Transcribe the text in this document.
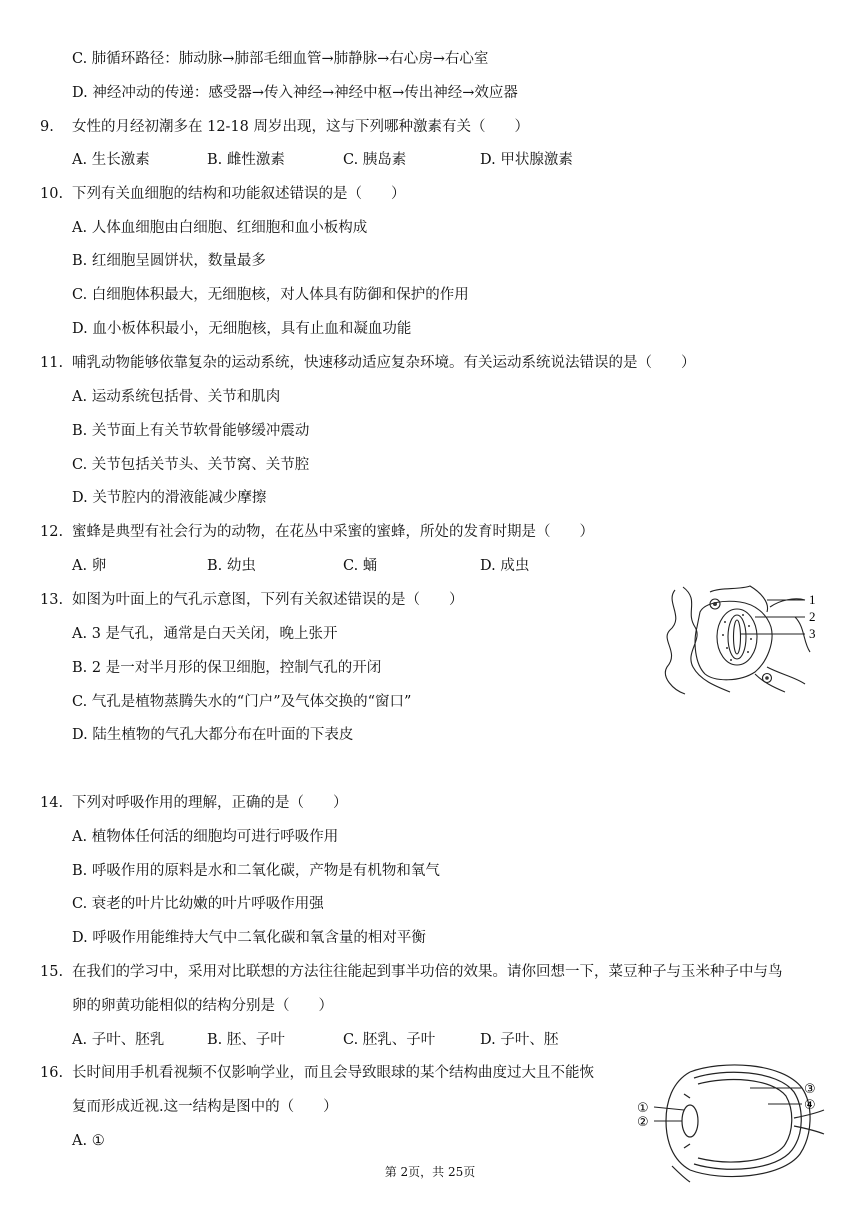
C. 肺循环路径：肺动脉→肺部毛细血管→肺静脉→右心房→右心室
D. 神经冲动的传递：感受器→传入神经→神经中枢→传出神经→效应器
9. 女性的月经初潮多在 12-18 周岁出现，这与下列哪种激素有关（　　）
A. 生长激素	B. 雌性激素	C. 胰岛素	D. 甲状腺激素
10. 下列有关血细胞的结构和功能叙述错误的是（　　）
A. 人体血细胞由白细胞、红细胞和血小板构成
B. 红细胞呈圆饼状，数量最多
C. 白细胞体积最大，无细胞核，对人体具有防御和保护的作用
D. 血小板体积最小，无细胞核，具有止血和凝血功能
11. 哺乳动物能够依靠复杂的运动系统，快速移动适应复杂环境。有关运动系统说法错误的是（　　）
A. 运动系统包括骨、关节和肌肉
B. 关节面上有关节软骨能够缓冲震动
C. 关节包括关节头、关节窝、关节腔
D. 关节腔内的滑液能减少摩擦
12. 蜜蜂是典型有社会行为的动物，在花丛中采蜜的蜜蜂，所处的发育时期是（　　）
A. 卵	B. 幼虫	C. 蛹	D. 成虫
13. 如图为叶面上的气孔示意图，下列有关叙述错误的是（　　）
A. 3 是气孔，通常是白天关闭，晚上张开
B. 2 是一对半月形的保卫细胞，控制气孔的开闭
C. 气孔是植物蒸腾失水的“门户”及气体交换的“窗口”
D. 陆生植物的气孔大都分布在叶面的下表皮
1
2
3
14. 下列对呼吸作用的理解，正确的是（　　）
A. 植物体任何活的细胞均可进行呼吸作用
B. 呼吸作用的原料是水和二氧化碳，产物是有机物和氧气
C. 衰老的叶片比幼嫩的叶片呼吸作用强
D. 呼吸作用能维持大气中二氧化碳和氧含量的相对平衡
15. 在我们的学习中，采用对比联想的方法往往能起到事半功倍的效果。请你回想一下，菜豆种子与玉米种子中与鸟
卵的卵黄功能相似的结构分别是（　　）
A. 子叶、胚乳	B. 胚、子叶	C. 胚乳、子叶	D. 子叶、胚
16. 长时间用手机看视频不仅影响学业，而且会导致眼球的某个结构曲度过大且不能恢
复而形成近视.这一结构是图中的（　　）
A. ①
①
②
③
④
第 2页，共 25页
